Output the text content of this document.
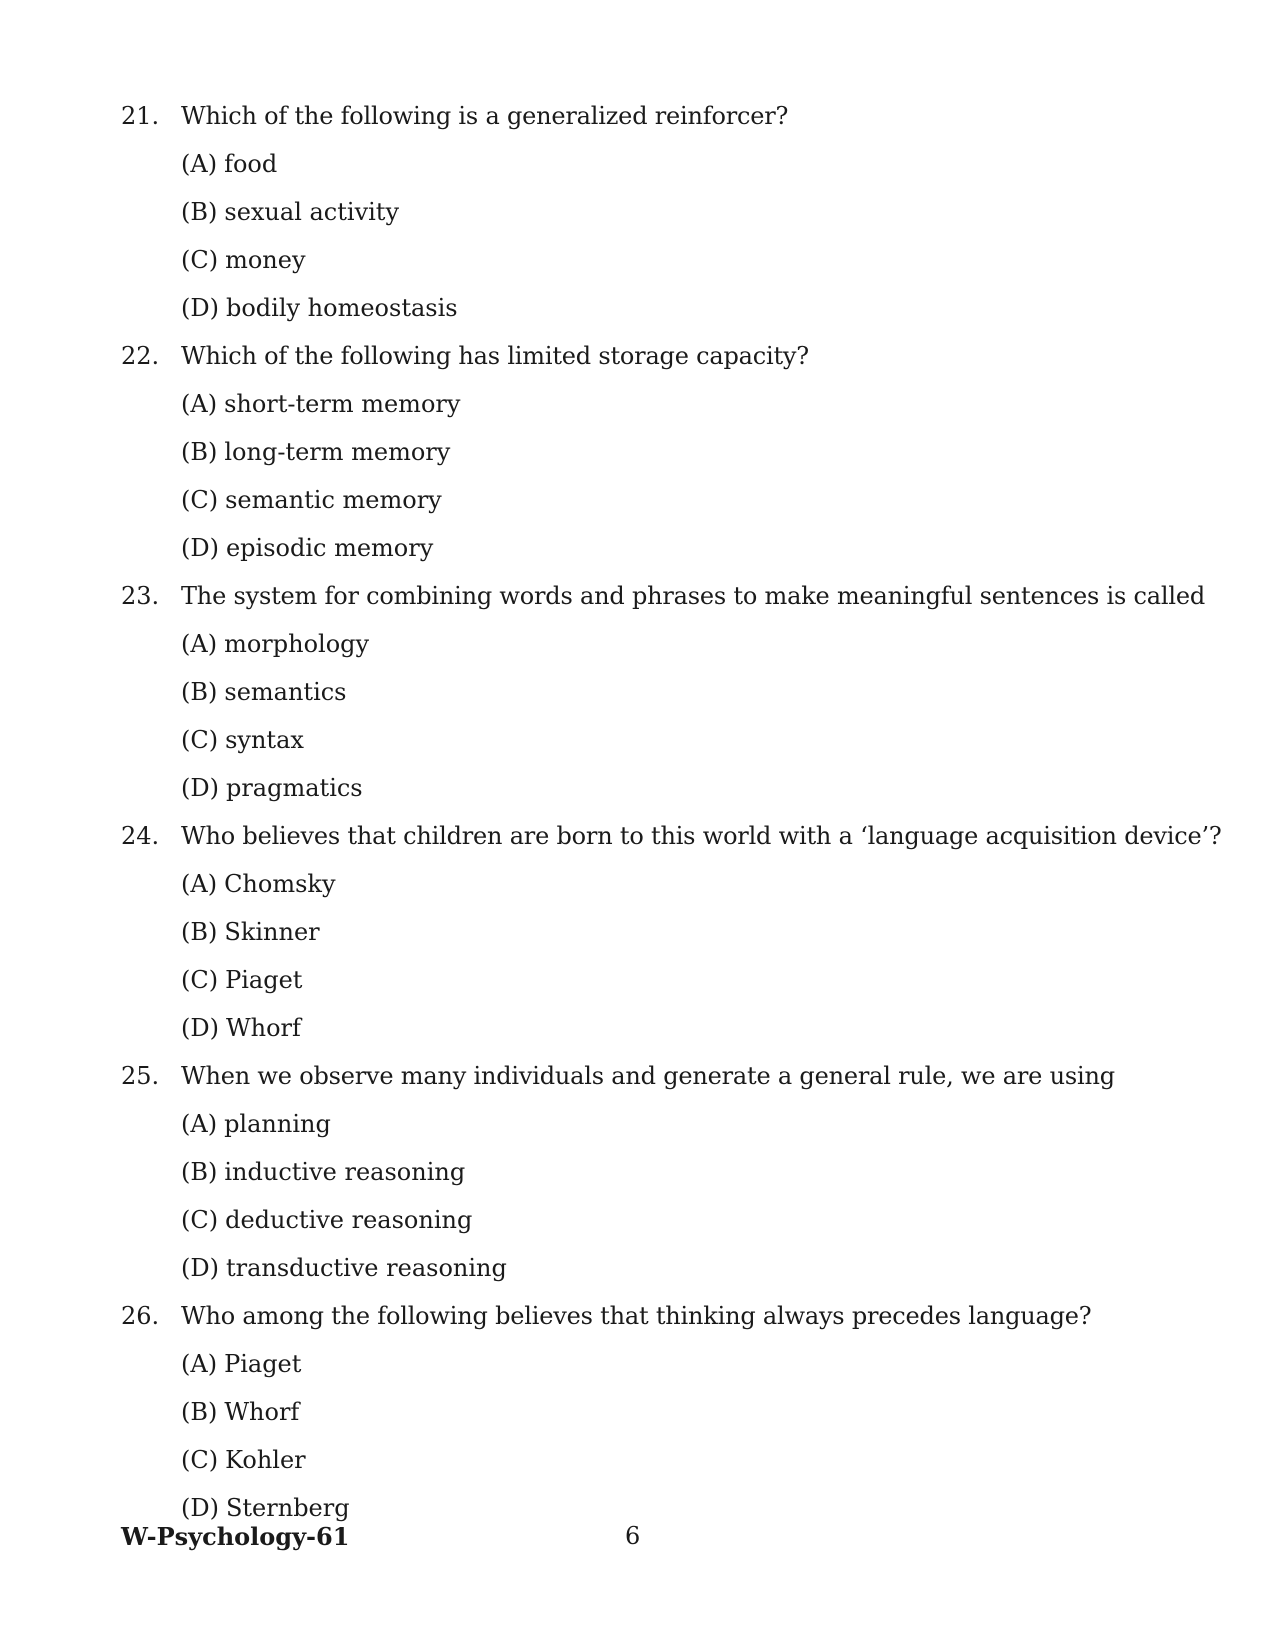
21. Which of the following is a generalized reinforcer?
(A) food
(B) sexual activity
(C) money
(D) bodily homeostasis
22. Which of the following has limited storage capacity?
(A) short-term memory
(B) long-term memory
(C) semantic memory
(D) episodic memory
23. The system for combining words and phrases to make meaningful sentences is called
(A) morphology
(B) semantics
(C) syntax
(D) pragmatics
24. Who believes that children are born to this world with a ‘language acquisition device’?
(A) Chomsky
(B) Skinner
(C) Piaget
(D) Whorf
25. When we observe many individuals and generate a general rule, we are using
(A) planning
(B) inductive reasoning
(C) deductive reasoning
(D) transductive reasoning
26. Who among the following believes that thinking always precedes language?
(A) Piaget
(B) Whorf
(C) Kohler
(D) Sternberg
W-Psychology-61	6
